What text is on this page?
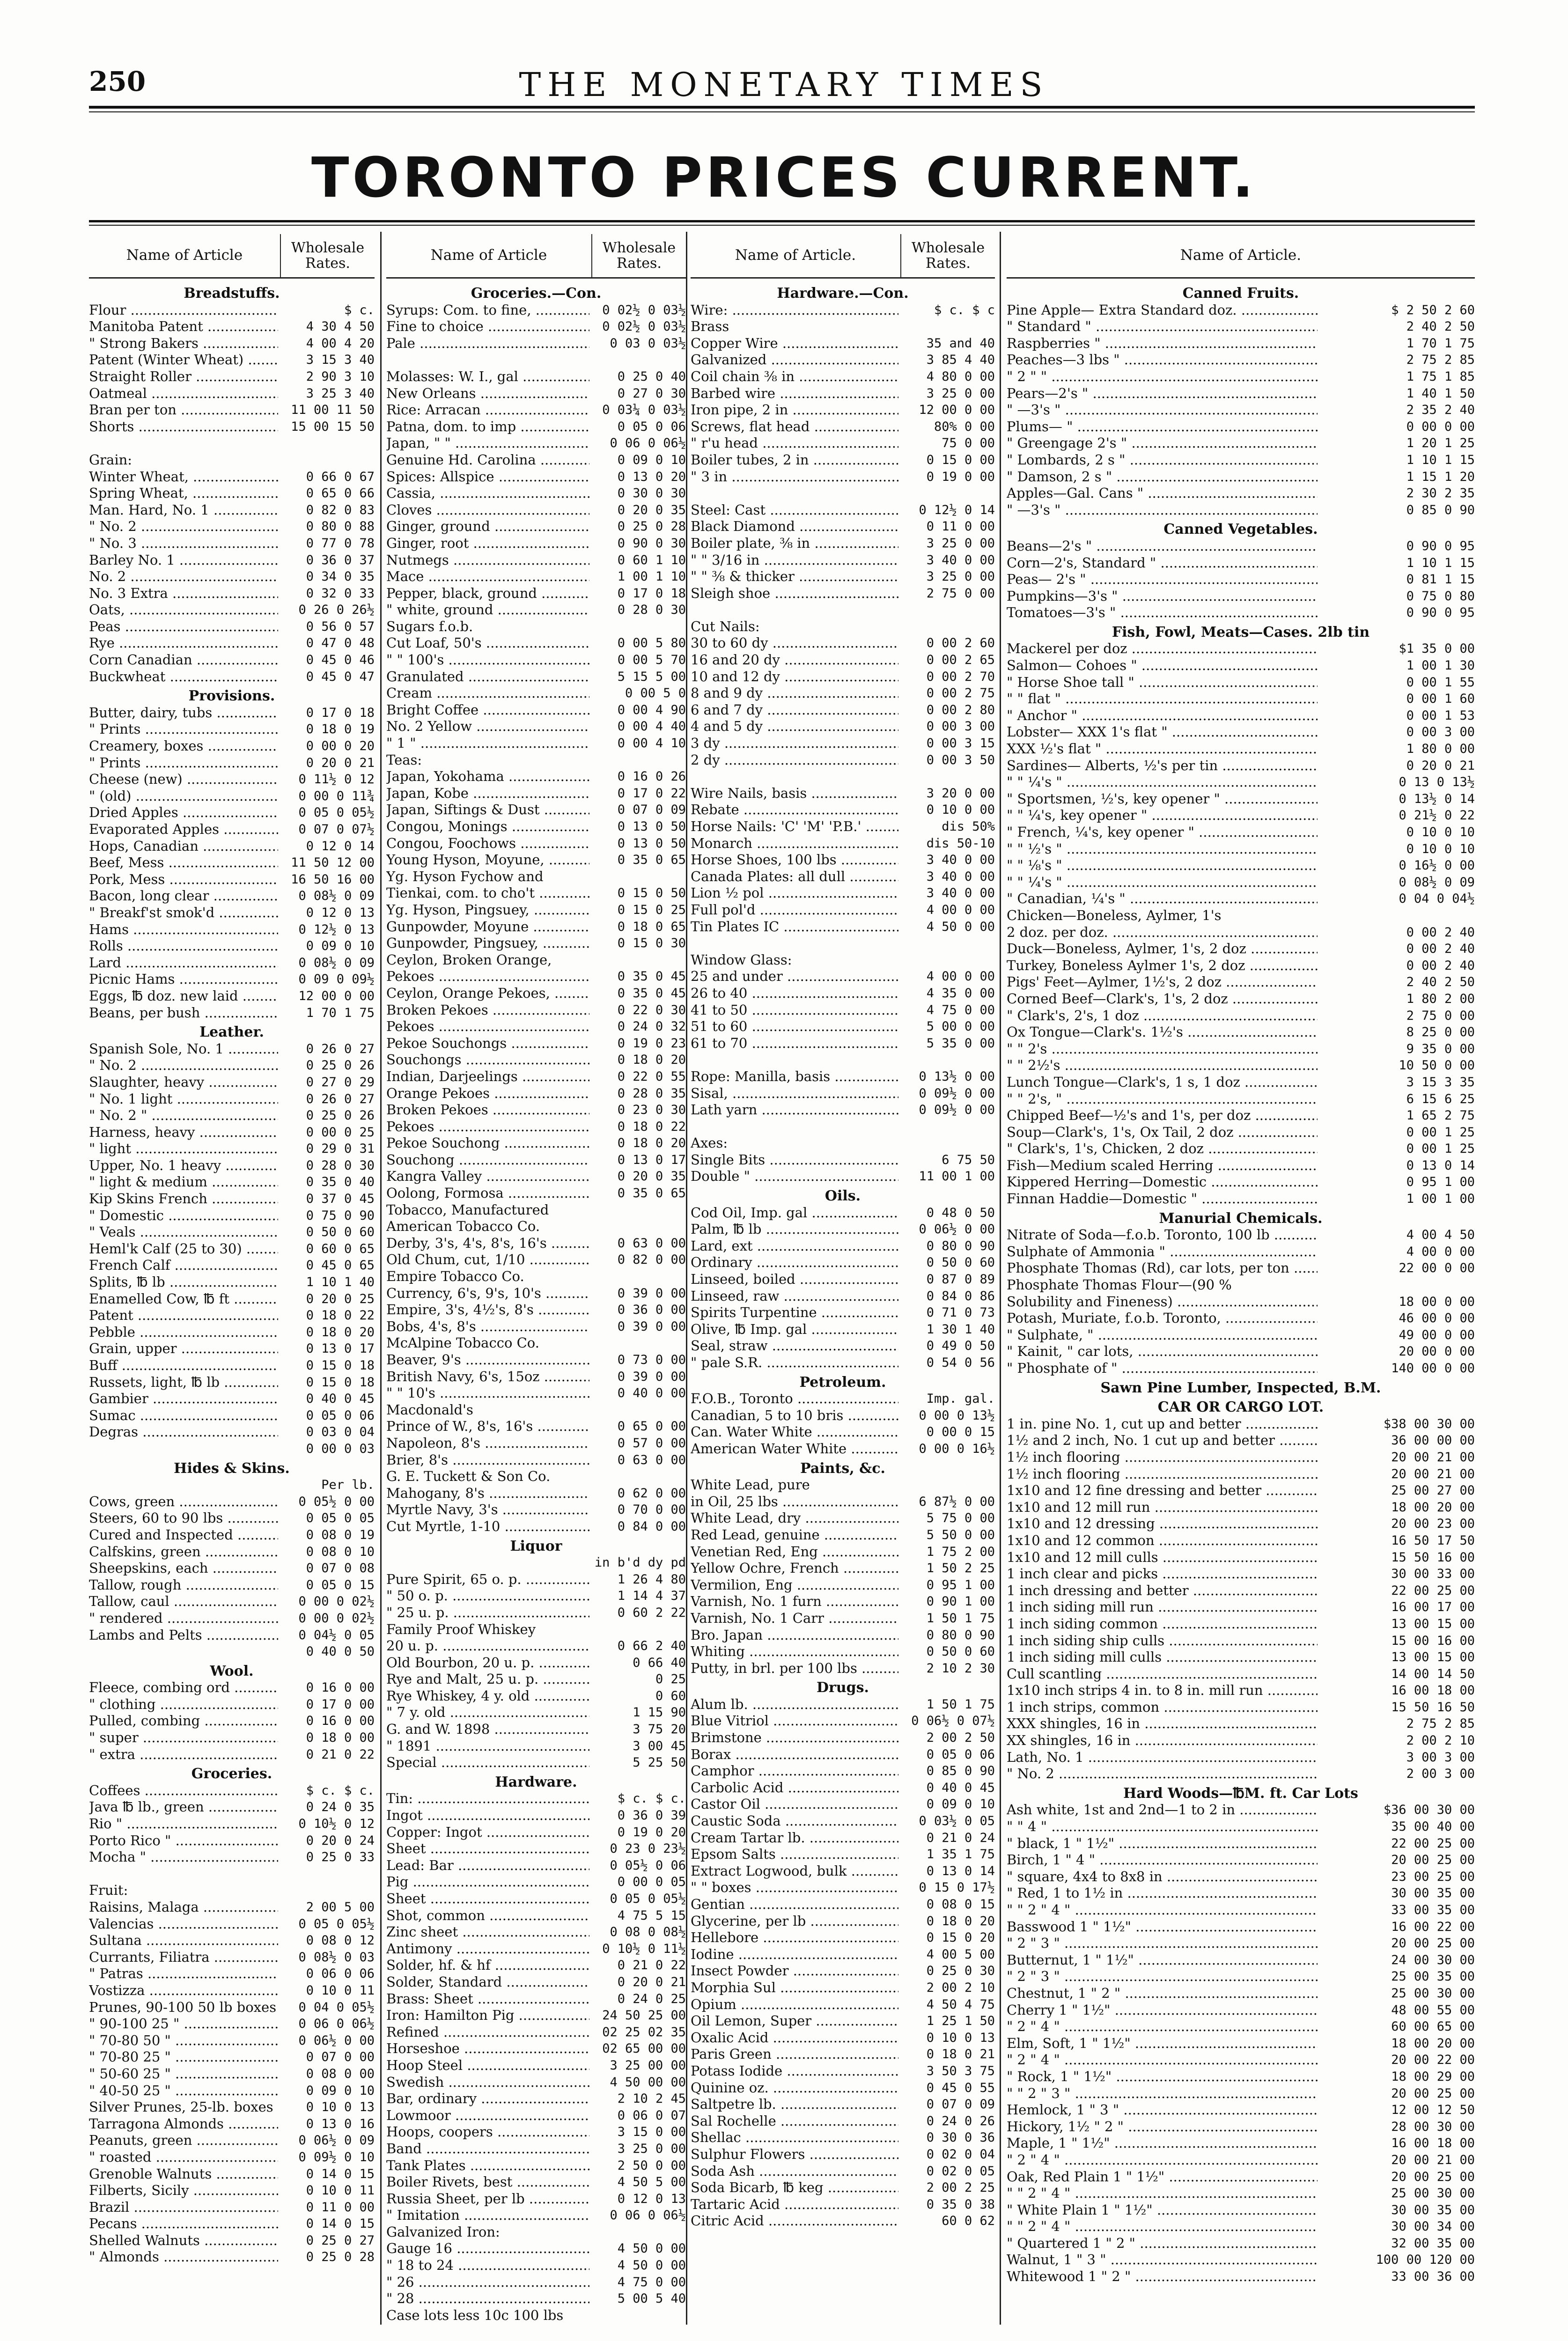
250	THE MONETARY TIMES
TORONTO PRICES CURRENT.
Name of Article	Wholesale Rates.
Breadstuffs.
Flour .....	$ c.
Manitoba Patent .....	4 30 4 50
" Strong Bakers .....	4 00 4 20
Patent (Winter Wheat) .....	3 15 3 40
Straight Roller .....	2 90 3 10
Oatmeal .....	3 25 3 40
Bran per ton .....	11 00 11 50
Shorts .....	15 00 15 50

Grain:
Winter Wheat, .....	0 66 0 67
Spring Wheat, .....	0 65 0 66
Man. Hard, No. 1 .....	0 82 0 83
" No. 2 .....	0 80 0 88
" No. 3 .....	0 77 0 78
Barley No. 1 .....	0 36 0 37
No. 2 .....	0 34 0 35
No. 3 Extra .....	0 32 0 33
Oats, .....	0 26 0 26½
Peas .....	0 56 0 57
Rye .....	0 47 0 48
Corn Canadian .....	0 45 0 46
Buckwheat .....	0 45 0 47
Provisions.
Butter, dairy, tubs .....	0 17 0 18
" Prints .....	0 18 0 19
Creamery, boxes .....	0 00 0 20
" Prints .....	0 20 0 21
Cheese (new) .....	0 11½ 0 12
" (old) .....	0 00 0 11¾
Dried Apples .....	0 05 0 05½
Evaporated Apples .....	0 07 0 07½
Hops, Canadian .....	0 12 0 14
Beef, Mess .....	11 50 12 00
Pork, Mess .....	16 50 16 00
Bacon, long clear .....	0 08½ 0 09
" Breakf'st smok'd .....	0 12 0 13
Hams .....	0 12½ 0 13
Rolls .....	0 09 0 10
Lard .....	0 08½ 0 09
Picnic Hams .....	0 09 0 09½
Eggs, ℔ doz. new laid .....	12 00 0 00
Beans, per bush .....	1 70 1 75
Leather.
Spanish Sole, No. 1 .....	0 26 0 27
" No. 2 .....	0 25 0 26
Slaughter, heavy .....	0 27 0 29
" No. 1 light .....	0 26 0 27
" No. 2 " .....	0 25 0 26
Harness, heavy .....	0 00 0 25
" light .....	0 29 0 31
Upper, No. 1 heavy .....	0 28 0 30
" light & medium .....	0 35 0 40
Kip Skins French .....	0 37 0 45
" Domestic .....	0 75 0 90
" Veals .....	0 50 0 60
Heml'k Calf (25 to 30) .....	0 60 0 65
French Calf .....	0 45 0 65
Splits, ℔ lb .....	1 10 1 40
Enamelled Cow, ℔ ft .....	0 20 0 25
Patent .....	0 18 0 22
Pebble .....	0 18 0 20
Grain, upper .....	0 13 0 17
Buff .....	0 15 0 18
Russets, light, ℔ lb .....	0 15 0 18
Gambier .....	0 40 0 45
Sumac .....	0 05 0 06
Degras .....	0 03 0 04

0 00 0 03
Hides & Skins.

Per lb.
Cows, green .....	0 05½ 0 00
Steers, 60 to 90 lbs .....	0 05 0 05
Cured and Inspected .....	0 08 0 19
Calfskins, green .....	0 08 0 10
Sheepskins, each .....	0 07 0 08
Tallow, rough .....	0 05 0 15
Tallow, caul .....	0 00 0 02½
" rendered .....	0 00 0 02½
Lambs and Pelts .....	0 04½ 0 05

0 40 0 50
Wool.
Fleece, combing ord .....	0 16 0 00
" clothing .....	0 17 0 00
Pulled, combing .....	0 16 0 00
" super .....	0 18 0 00
" extra .....	0 21 0 22
Groceries.
Coffees .....	$ c. $ c.
Java ℔ lb., green .....	0 24 0 35
Rio " .....	0 10½ 0 12
Porto Rico " .....	0 20 0 24
Mocha " .....	0 25 0 33

Fruit:
Raisins, Malaga .....	2 00 5 00
Valencias .....	0 05 0 05½
Sultana .....	0 08 0 12
Currants, Filiatra .....	0 08½ 0 03
" Patras .....	0 06 0 06
Vostizza .....	0 10 0 11
Prunes, 90-100 50 lb boxes .....	0 04 0 05½
" 90-100 25 " .....	0 06 0 06½
" 70-80 50 " .....	0 06½ 0 00
" 70-80 25 " .....	0 07 0 00
" 50-60 25 " .....	0 08 0 00
" 40-50 25 " .....	0 09 0 10
Silver Prunes, 25-lb. boxes .....	0 10 0 13
Tarragona Almonds .....	0 13 0 16
Peanuts, green .....	0 06½ 0 09
" roasted .....	0 09½ 0 10
Grenoble Walnuts .....	0 14 0 15
Filberts, Sicily .....	0 10 0 11
Brazil .....	0 11 0 00
Pecans .....	0 14 0 15
Shelled Walnuts .....	0 25 0 27
" Almonds .....	0 25 0 28
Name of Article	Wholesale Rates.
Groceries.—Con.
Syrups: Com. to fine, .....	0 02½ 0 03½
Fine to choice .....	0 02½ 0 03½
Pale .....	0 03 0 03½

Molasses: W. I., gal .....	0 25 0 40
New Orleans .....	0 27 0 30
Rice: Arracan .....	0 03¼ 0 03½
Patna, dom. to imp .....	0 05 0 06
Japan, " " .....	0 06 0 06½
Genuine Hd. Carolina .....	0 09 0 10
Spices: Allspice .....	0 13 0 20
Cassia, .....	0 30 0 30
Cloves .....	0 20 0 35
Ginger, ground .....	0 25 0 28
Ginger, root .....	0 90 0 30
Nutmegs .....	0 60 1 10
Mace .....	1 00 1 10
Pepper, black, ground .....	0 17 0 18
" white, ground .....	0 28 0 30
Sugars f.o.b.
Cut Loaf, 50's .....	0 00 5 80
" " 100's .....	0 00 5 70
Granulated .....	5 15 5 00
Cream .....	0 00 5 0
Bright Coffee .....	0 00 4 90
No. 2 Yellow .....	0 00 4 40
" 1 " .....	0 00 4 10
Teas:
Japan, Yokohama .....	0 16 0 26
Japan, Kobe .....	0 17 0 22
Japan, Siftings & Dust .....	0 07 0 09
Congou, Monings .....	0 13 0 50
Congou, Foochows .....	0 13 0 50
Young Hyson, Moyune, .....	0 35 0 65
Yg. Hyson Fychow and
Tienkai, com. to cho't .....	0 15 0 50
Yg. Hyson, Pingsuey, .....	0 15 0 25
Gunpowder, Moyune .....	0 18 0 65
Gunpowder, Pingsuey, .....	0 15 0 30
Ceylon, Broken Orange,
Pekoes .....	0 35 0 45
Ceylon, Orange Pekoes, .....	0 35 0 45
Broken Pekoes .....	0 22 0 30
Pekoes .....	0 24 0 32
Pekoe Souchongs .....	0 19 0 23
Souchongs .....	0 18 0 20
Indian, Darjeelings .....	0 22 0 55
Orange Pekoes .....	0 28 0 35
Broken Pekoes .....	0 23 0 30
Pekoes .....	0 18 0 22
Pekoe Souchong .....	0 18 0 20
Souchong .....	0 13 0 17
Kangra Valley .....	0 20 0 35
Oolong, Formosa .....	0 35 0 65
Tobacco, Manufactured
American Tobacco Co.
Derby, 3's, 4's, 8's, 16's .....	0 63 0 00
Old Chum, cut, 1/10 .....	0 82 0 00
Empire Tobacco Co.
Currency, 6's, 9's, 10's .....	0 39 0 00
Empire, 3's, 4½'s, 8's .....	0 36 0 00
Bobs, 4's, 8's .....	0 39 0 00
McAlpine Tobacco Co.
Beaver, 9's .....	0 73 0 00
British Navy, 6's, 15oz .....	0 39 0 00
" " 10's .....	0 40 0 00
Macdonald's
Prince of W., 8's, 16's .....	0 65 0 00
Napoleon, 8's .....	0 57 0 00
Brier, 8's .....	0 63 0 00
G. E. Tuckett & Son Co.
Mahogany, 8's .....	0 62 0 00
Myrtle Navy, 3's .....	0 70 0 00
Cut Myrtle, 1-10 .....	0 84 0 00
Liquor

in b'd dy pd
Pure Spirit, 65 o. p. .....	1 26 4 80
" 50 o. p. .....	1 14 4 37
" 25 u. p. .....	0 60 2 22
Family Proof Whiskey
20 u. p. .....	0 66 2 40
Old Bourbon, 20 u. p. .....	0 66 40
Rye and Malt, 25 u. p. .....	0 25
Rye Whiskey, 4 y. old .....	0 60
" 7 y. old .....	1 15 90
G. and W. 1898 .....	3 75 20
" 1891 .....	3 00 45
Special .....	5 25 50
Hardware.
Tin: .....	$ c. $ c.
Ingot .....	0 36 0 39
Copper: Ingot .....	0 19 0 20
Sheet .....	0 23 0 23½
Lead: Bar .....	0 05½ 0 06
Pig .....	0 00 0 05
Sheet .....	0 05 0 05½
Shot, common .....	4 75 5 15
Zinc sheet .....	0 08 0 08½
Antimony .....	0 10½ 0 11½
Solder, hf. & hf .....	0 21 0 22
Solder, Standard .....	0 20 0 21
Brass: Sheet .....	0 24 0 25
Iron: Hamilton Pig .....	24 50 25 00
Refined .....	02 25 02 35
Horseshoe .....	02 65 00 00
Hoop Steel .....	3 25 00 00
Swedish .....	4 50 00 00
Bar, ordinary .....	2 10 2 45
Lowmoor .....	0 06 0 07
Hoops, coopers .....	3 15 0 00
Band .....	3 25 0 00
Tank Plates .....	2 50 0 00
Boiler Rivets, best .....	4 50 5 00
Russia Sheet, per lb .....	0 12 0 13
" Imitation .....	0 06 0 06½
Galvanized Iron:
Gauge 16 .....	4 50 0 00
" 18 to 24 .....	4 50 0 00
" 26 .....	4 75 0 00
" 28 .....	5 00 5 40
Case lots less 10c 100 lbs
Name of Article.	Wholesale Rates.
Hardware.—Con.
Wire: .....	$ c. $ c
Brass
Copper Wire .....	35 and 40
Galvanized .....	3 85 4 40
Coil chain ⅜ in .....	4 80 0 00
Barbed wire .....	3 25 0 00
Iron pipe, 2 in .....	12 00 0 00
Screws, flat head .....	80% 0 00
" r'u head .....	75 0 00
Boiler tubes, 2 in .....	0 15 0 00
" 3 in .....	0 19 0 00

Steel: Cast .....	0 12½ 0 14
Black Diamond .....	0 11 0 00
Boiler plate, ⅜ in .....	3 25 0 00
" " 3/16 in .....	3 40 0 00
" " ⅜ & thicker .....	3 25 0 00
Sleigh shoe .....	2 75 0 00

Cut Nails:
30 to 60 dy .....	0 00 2 60
16 and 20 dy .....	0 00 2 65
10 and 12 dy .....	0 00 2 70
8 and 9 dy .....	0 00 2 75
6 and 7 dy .....	0 00 2 80
4 and 5 dy .....	0 00 3 00
3 dy .....	0 00 3 15
2 dy .....	0 00 3 50

Wire Nails, basis .....	3 20 0 00
Rebate .....	0 10 0 00
Horse Nails: 'C' 'M' 'P.B.' .....	dis 50%
Monarch .....	dis 50-10
Horse Shoes, 100 lbs .....	3 40 0 00
Canada Plates: all dull .....	3 40 0 00
Lion ½ pol .....	3 40 0 00
Full pol'd .....	4 00 0 00
Tin Plates IC .....	4 50 0 00

Window Glass:
25 and under .....	4 00 0 00
26 to 40 .....	4 35 0 00
41 to 50 .....	4 75 0 00
51 to 60 .....	5 00 0 00
61 to 70 .....	5 35 0 00

Rope: Manilla, basis .....	0 13½ 0 00
Sisal, .....	0 09½ 0 00
Lath yarn .....	0 09½ 0 00

Axes:
Single Bits .....	6 75 50
Double " .....	11 00 1 00
Oils.
Cod Oil, Imp. gal .....	0 48 0 50
Palm, ℔ lb .....	0 06½ 0 00
Lard, ext .....	0 80 0 90
Ordinary .....	0 50 0 60
Linseed, boiled .....	0 87 0 89
Linseed, raw .....	0 84 0 86
Spirits Turpentine .....	0 71 0 73
Olive, ℔ Imp. gal .....	1 30 1 40
Seal, straw .....	0 49 0 50
" pale S.R. .....	0 54 0 56
Petroleum.
F.O.B., Toronto .....	Imp. gal.
Canadian, 5 to 10 bris .....	0 00 0 13½
Can. Water White .....	0 00 0 15
American Water White .....	0 00 0 16½
Paints, &c.
White Lead, pure
in Oil, 25 lbs .....	6 87½ 0 00
White Lead, dry .....	5 75 0 00
Red Lead, genuine .....	5 50 0 00
Venetian Red, Eng .....	1 75 2 00
Yellow Ochre, French .....	1 50 2 25
Vermilion, Eng .....	0 95 1 00
Varnish, No. 1 furn .....	0 90 1 00
Varnish, No. 1 Carr .....	1 50 1 75
Bro. Japan .....	0 80 0 90
Whiting .....	0 50 0 60
Putty, in brl. per 100 lbs .....	2 10 2 30
Drugs.
Alum lb. .....	1 50 1 75
Blue Vitriol .....	0 06½ 0 07½
Brimstone .....	2 00 2 50
Borax .....	0 05 0 06
Camphor .....	0 85 0 90
Carbolic Acid .....	0 40 0 45
Castor Oil .....	0 09 0 10
Caustic Soda .....	0 03½ 0 05
Cream Tartar lb. .....	0 21 0 24
Epsom Salts .....	1 35 1 75
Extract Logwood, bulk .....	0 13 0 14
" " boxes .....	0 15 0 17½
Gentian .....	0 08 0 15
Glycerine, per lb .....	0 18 0 20
Hellebore .....	0 15 0 20
Iodine .....	4 00 5 00
Insect Powder .....	0 25 0 30
Morphia Sul .....	2 00 2 10
Opium .....	4 50 4 75
Oil Lemon, Super .....	1 25 1 50
Oxalic Acid .....	0 10 0 13
Paris Green .....	0 18 0 21
Potass Iodide .....	3 50 3 75
Quinine oz. .....	0 45 0 55
Saltpetre lb. .....	0 07 0 09
Sal Rochelle .....	0 24 0 26
Shellac .....	0 30 0 36
Sulphur Flowers .....	0 02 0 04
Soda Ash .....	0 02 0 05
Soda Bicarb, ℔ keg .....	2 00 2 25
Tartaric Acid .....	0 35 0 38
Citric Acid .....	60 0 62
Name of Article.
Canned Fruits.
Pine Apple— Extra Standard doz. .....	$ 2 50 2 60
" Standard " .....	2 40 2 50
Raspberries " .....	1 70 1 75
Peaches—3 lbs " .....	2 75 2 85
" 2 " " .....	1 75 1 85
Pears—2's " .....	1 40 1 50
" —3's " .....	2 35 2 40
Plums— " .....	0 00 0 00
" Greengage 2's " .....	1 20 1 25
" Lombards, 2 s " .....	1 10 1 15
" Damson, 2 s " .....	1 15 1 20
Apples—Gal. Cans " .....	2 30 2 35
" —3's " .....	0 85 0 90
Canned Vegetables.
Beans—2's " .....	0 90 0 95
Corn—2's, Standard " .....	1 10 1 15
Peas— 2's " .....	0 81 1 15
Pumpkins—3's " .....	0 75 0 80
Tomatoes—3's " .....	0 90 0 95
Fish, Fowl, Meats—Cases. 2lb tin
Mackerel per doz .....	$1 35 0 00
Salmon— Cohoes " .....	1 00 1 30
" Horse Shoe tall " .....	0 00 1 55
" " flat " .....	0 00 1 60
" Anchor " .....	0 00 1 53
Lobster— XXX 1's flat " .....	0 00 3 00
XXX ½'s flat " .....	1 80 0 00
Sardines— Alberts, ½'s per tin .....	0 20 0 21
" " ¼'s " .....	0 13 0 13½
" Sportsmen, ½'s, key opener " .....	0 13½ 0 14
" " ¼'s, key opener " .....	0 21½ 0 22
" French, ¼'s, key opener " .....	0 10 0 10
" " ½'s " .....	0 10 0 10
" " ⅛'s " .....	0 16½ 0 00
" " ¼'s " .....	0 08½ 0 09
" Canadian, ¼'s " .....	0 04 0 04½
Chicken—Boneless, Aylmer, 1's
2 doz. per doz. .....	0 00 2 40
Duck—Boneless, Aylmer, 1's, 2 doz .....	0 00 2 40
Turkey, Boneless Aylmer 1's, 2 doz .....	0 00 2 40
Pigs' Feet—Aylmer, 1½'s, 2 doz .....	2 40 2 50
Corned Beef—Clark's, 1's, 2 doz .....	1 80 2 00
" Clark's, 2's, 1 doz .....	2 75 0 00
Ox Tongue—Clark's. 1½'s .....	8 25 0 00
" " 2's .....	9 35 0 00
" " 2½'s .....	10 50 0 00
Lunch Tongue—Clark's, 1 s, 1 doz .....	3 15 3 35
" " 2's, " .....	6 15 6 25
Chipped Beef—½'s and 1's, per doz .....	1 65 2 75
Soup—Clark's, 1's, Ox Tail, 2 doz .....	0 00 1 25
" Clark's, 1's, Chicken, 2 doz .....	0 00 1 25
Fish—Medium scaled Herring .....	0 13 0 14
Kippered Herring—Domestic .....	0 95 1 00
Finnan Haddie—Domestic " .....	1 00 1 00
Manurial Chemicals.
Nitrate of Soda—f.o.b. Toronto, 100 lb .....	4 00 4 50
Sulphate of Ammonia " .....	4 00 0 00
Phosphate Thomas (Rd), car lots, per ton .....	22 00 0 00
Phosphate Thomas Flour—(90 %
Solubility and Fineness) .....	18 00 0 00
Potash, Muriate, f.o.b. Toronto, .....	46 00 0 00
" Sulphate, " .....	49 00 0 00
" Kainit, " car lots, .....	20 00 0 00
" Phosphate of " .....	140 00 0 00
Sawn Pine Lumber, Inspected, B.M.
CAR OR CARGO LOT.
1 in. pine No. 1, cut up and better .....	$38 00 30 00
1½ and 2 inch, No. 1 cut up and better .....	36 00 00 00
1½ inch flooring .....	20 00 21 00
1½ inch flooring .....	20 00 21 00
1x10 and 12 fine dressing and better .....	25 00 27 00
1x10 and 12 mill run .....	18 00 20 00
1x10 and 12 dressing .....	20 00 23 00
1x10 and 12 common .....	16 50 17 50
1x10 and 12 mill culls .....	15 50 16 00
1 inch clear and picks .....	30 00 33 00
1 inch dressing and better .....	22 00 25 00
1 inch siding mill run .....	16 00 17 00
1 inch siding common .....	13 00 15 00
1 inch siding ship culls .....	15 00 16 00
1 inch siding mill culls .....	13 00 15 00
Cull scantling .....	14 00 14 50
1x10 inch strips 4 in. to 8 in. mill run .....	16 00 18 00
1 inch strips, common .....	15 50 16 50
XXX shingles, 16 in .....	2 75 2 85
XX shingles, 16 in .....	2 00 2 10
Lath, No. 1 .....	3 00 3 00
" No. 2 .....	2 00 3 00
Hard Woods—℔M. ft. Car Lots
Ash white, 1st and 2nd—1 to 2 in .....	$36 00 30 00
" " 4 " .....	35 00 40 00
" black, 1 " 1½" .....	22 00 25 00
Birch, 1 " 4 " .....	20 00 25 00
" square, 4x4 to 8x8 in .....	23 00 25 00
" Red, 1 to 1½ in .....	30 00 35 00
" " 2 " 4 " .....	33 00 35 00
Basswood 1 " 1½" .....	16 00 22 00
" 2 " 3 " .....	20 00 25 00
Butternut, 1 " 1½" .....	24 00 30 00
" 2 " 3 " .....	25 00 35 00
Chestnut, 1 " 2 " .....	25 00 30 00
Cherry 1 " 1½" .....	48 00 55 00
" 2 " 4 " .....	60 00 65 00
Elm, Soft, 1 " 1½" .....	18 00 20 00
" 2 " 4 " .....	20 00 22 00
" Rock, 1 " 1½" .....	18 00 29 00
" " 2 " 3 " .....	20 00 25 00
Hemlock, 1 " 3 " .....	12 00 12 50
Hickory, 1½ " 2 " .....	28 00 30 00
Maple, 1 " 1½" .....	16 00 18 00
" 2 " 4 " .....	20 00 21 00
Oak, Red Plain 1 " 1½" .....	20 00 25 00
" " 2 " 4 " .....	25 00 30 00
" White Plain 1 " 1½" .....	30 00 35 00
" " 2 " 4 " .....	30 00 34 00
" Quartered 1 " 2 " .....	32 00 35 00
Walnut, 1 " 3 " .....	100 00 120 00
Whitewood 1 " 2 " .....	33 00 36 00
